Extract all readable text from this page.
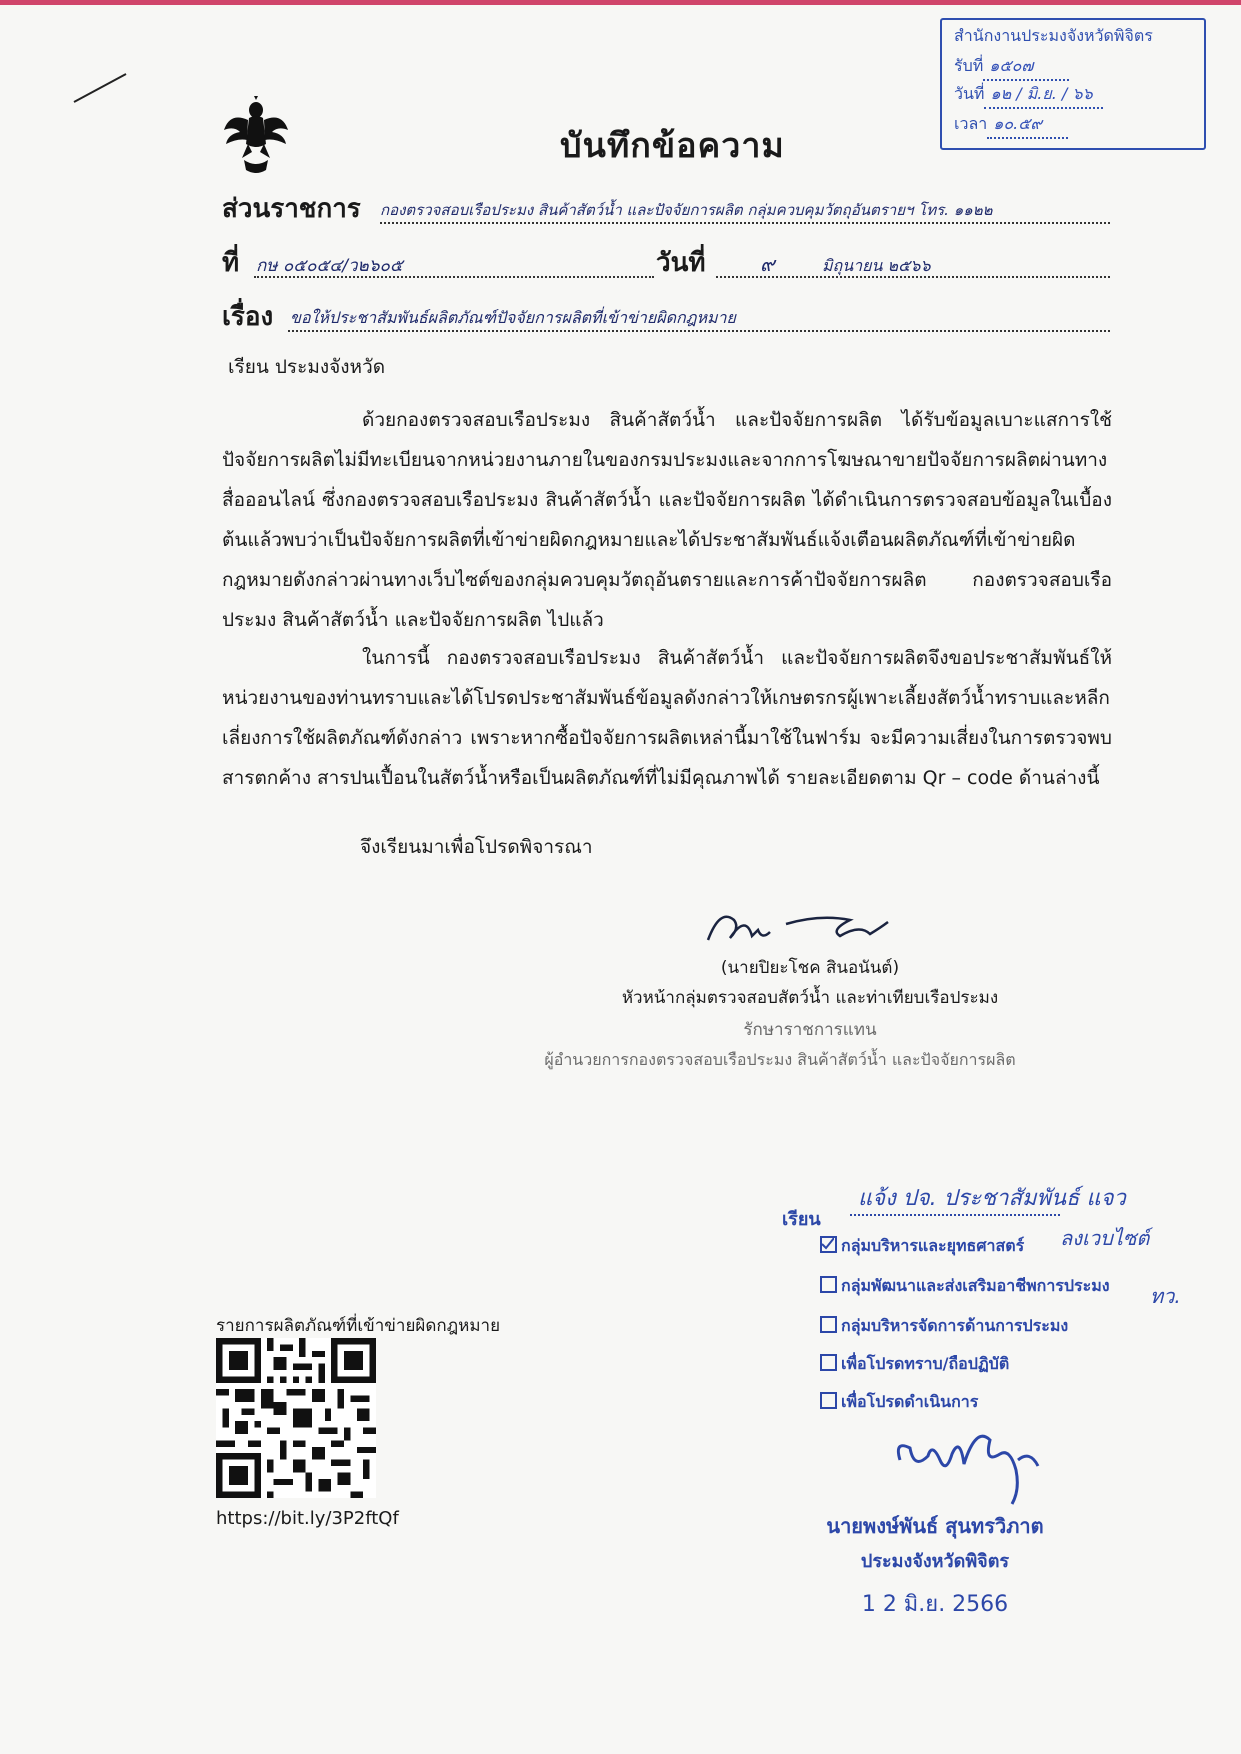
สำนักงานประมงจังหวัดพิจิตร
รับที่ ๑๕๐๗
วันที่ ๑๒ / มิ.ย. / ๖๖
เวลา ๑๐.๕๙
บันทึกข้อความ
ส่วนราชการ กองตรวจสอบเรือประมง สินค้าสัตว์น้ำ และปัจจัยการผลิต กลุ่มควบคุมวัตถุอันตรายฯ โทร. ๑๑๒๒
ที่ กษ ๐๕๐๕๔/ว๒๖๐๕	วันที่	๙	มิถุนายน ๒๕๖๖
เรื่อง ขอให้ประชาสัมพันธ์ผลิตภัณฑ์ปัจจัยการผลิตที่เข้าข่ายผิดกฎหมาย
เรียน ประมงจังหวัด

ด้วยกองตรวจสอบเรือประมง สินค้าสัตว์น้ำ และปัจจัยการผลิต ได้รับข้อมูลเบาะแสการใช้ปัจจัยการผลิตไม่มีทะเบียนจากหน่วยงานภายในของกรมประมงและจากการโฆษณาขายปัจจัยการผลิตผ่านทางสื่อออนไลน์ ซึ่งกองตรวจสอบเรือประมง สินค้าสัตว์น้ำ และปัจจัยการผลิต ได้ดำเนินการตรวจสอบข้อมูลในเบื้องต้นแล้วพบว่าเป็นปัจจัยการผลิตที่เข้าข่ายผิดกฎหมายและได้ประชาสัมพันธ์แจ้งเตือนผลิตภัณฑ์ที่เข้าข่ายผิดกฎหมายดังกล่าวผ่านทางเว็บไซต์ของกลุ่มควบคุมวัตถุอันตรายและการค้าปัจจัยการผลิต กองตรวจสอบเรือประมง สินค้าสัตว์น้ำ และปัจจัยการผลิต ไปแล้ว

ในการนี้ กองตรวจสอบเรือประมง สินค้าสัตว์น้ำ และปัจจัยการผลิตจึงขอประชาสัมพันธ์ให้หน่วยงานของท่านทราบและได้โปรดประชาสัมพันธ์ข้อมูลดังกล่าวให้เกษตรกรผู้เพาะเลี้ยงสัตว์น้ำทราบและหลีกเลี่ยงการใช้ผลิตภัณฑ์ดังกล่าว เพราะหากซื้อปัจจัยการผลิตเหล่านี้มาใช้ในฟาร์ม จะมีความเสี่ยงในการตรวจพบสารตกค้าง สารปนเปื้อนในสัตว์น้ำหรือเป็นผลิตภัณฑ์ที่ไม่มีคุณภาพได้ รายละเอียดตาม Qr – code ด้านล่างนี้

จึงเรียนมาเพื่อโปรดพิจารณา
(นายปิยะโชค สินอนันต์)
หัวหน้ากลุ่มตรวจสอบสัตว์น้ำ และท่าเทียบเรือประมง
รักษาราชการแทน
ผู้อำนวยการกองตรวจสอบเรือประมง สินค้าสัตว์น้ำ และปัจจัยการผลิต
รายการผลิตภัณฑ์ที่เข้าข่ายผิดกฎหมาย
https://bit.ly/3P2ftQf
เรียน
แจ้ง ปจ. ประชาสัมพันธ์ แจว
ลงเวบไซต์
ทว.
กลุ่มบริหารและยุทธศาสตร์
กลุ่มพัฒนาและส่งเสริมอาชีพการประมง
กลุ่มบริหารจัดการด้านการประมง
เพื่อโปรดทราบ/ถือปฏิบัติ
เพื่อโปรดดำเนินการ
นายพงษ์พันธ์ สุนทรวิภาต
ประมงจังหวัดพิจิตร
1 2 มิ.ย. 2566
